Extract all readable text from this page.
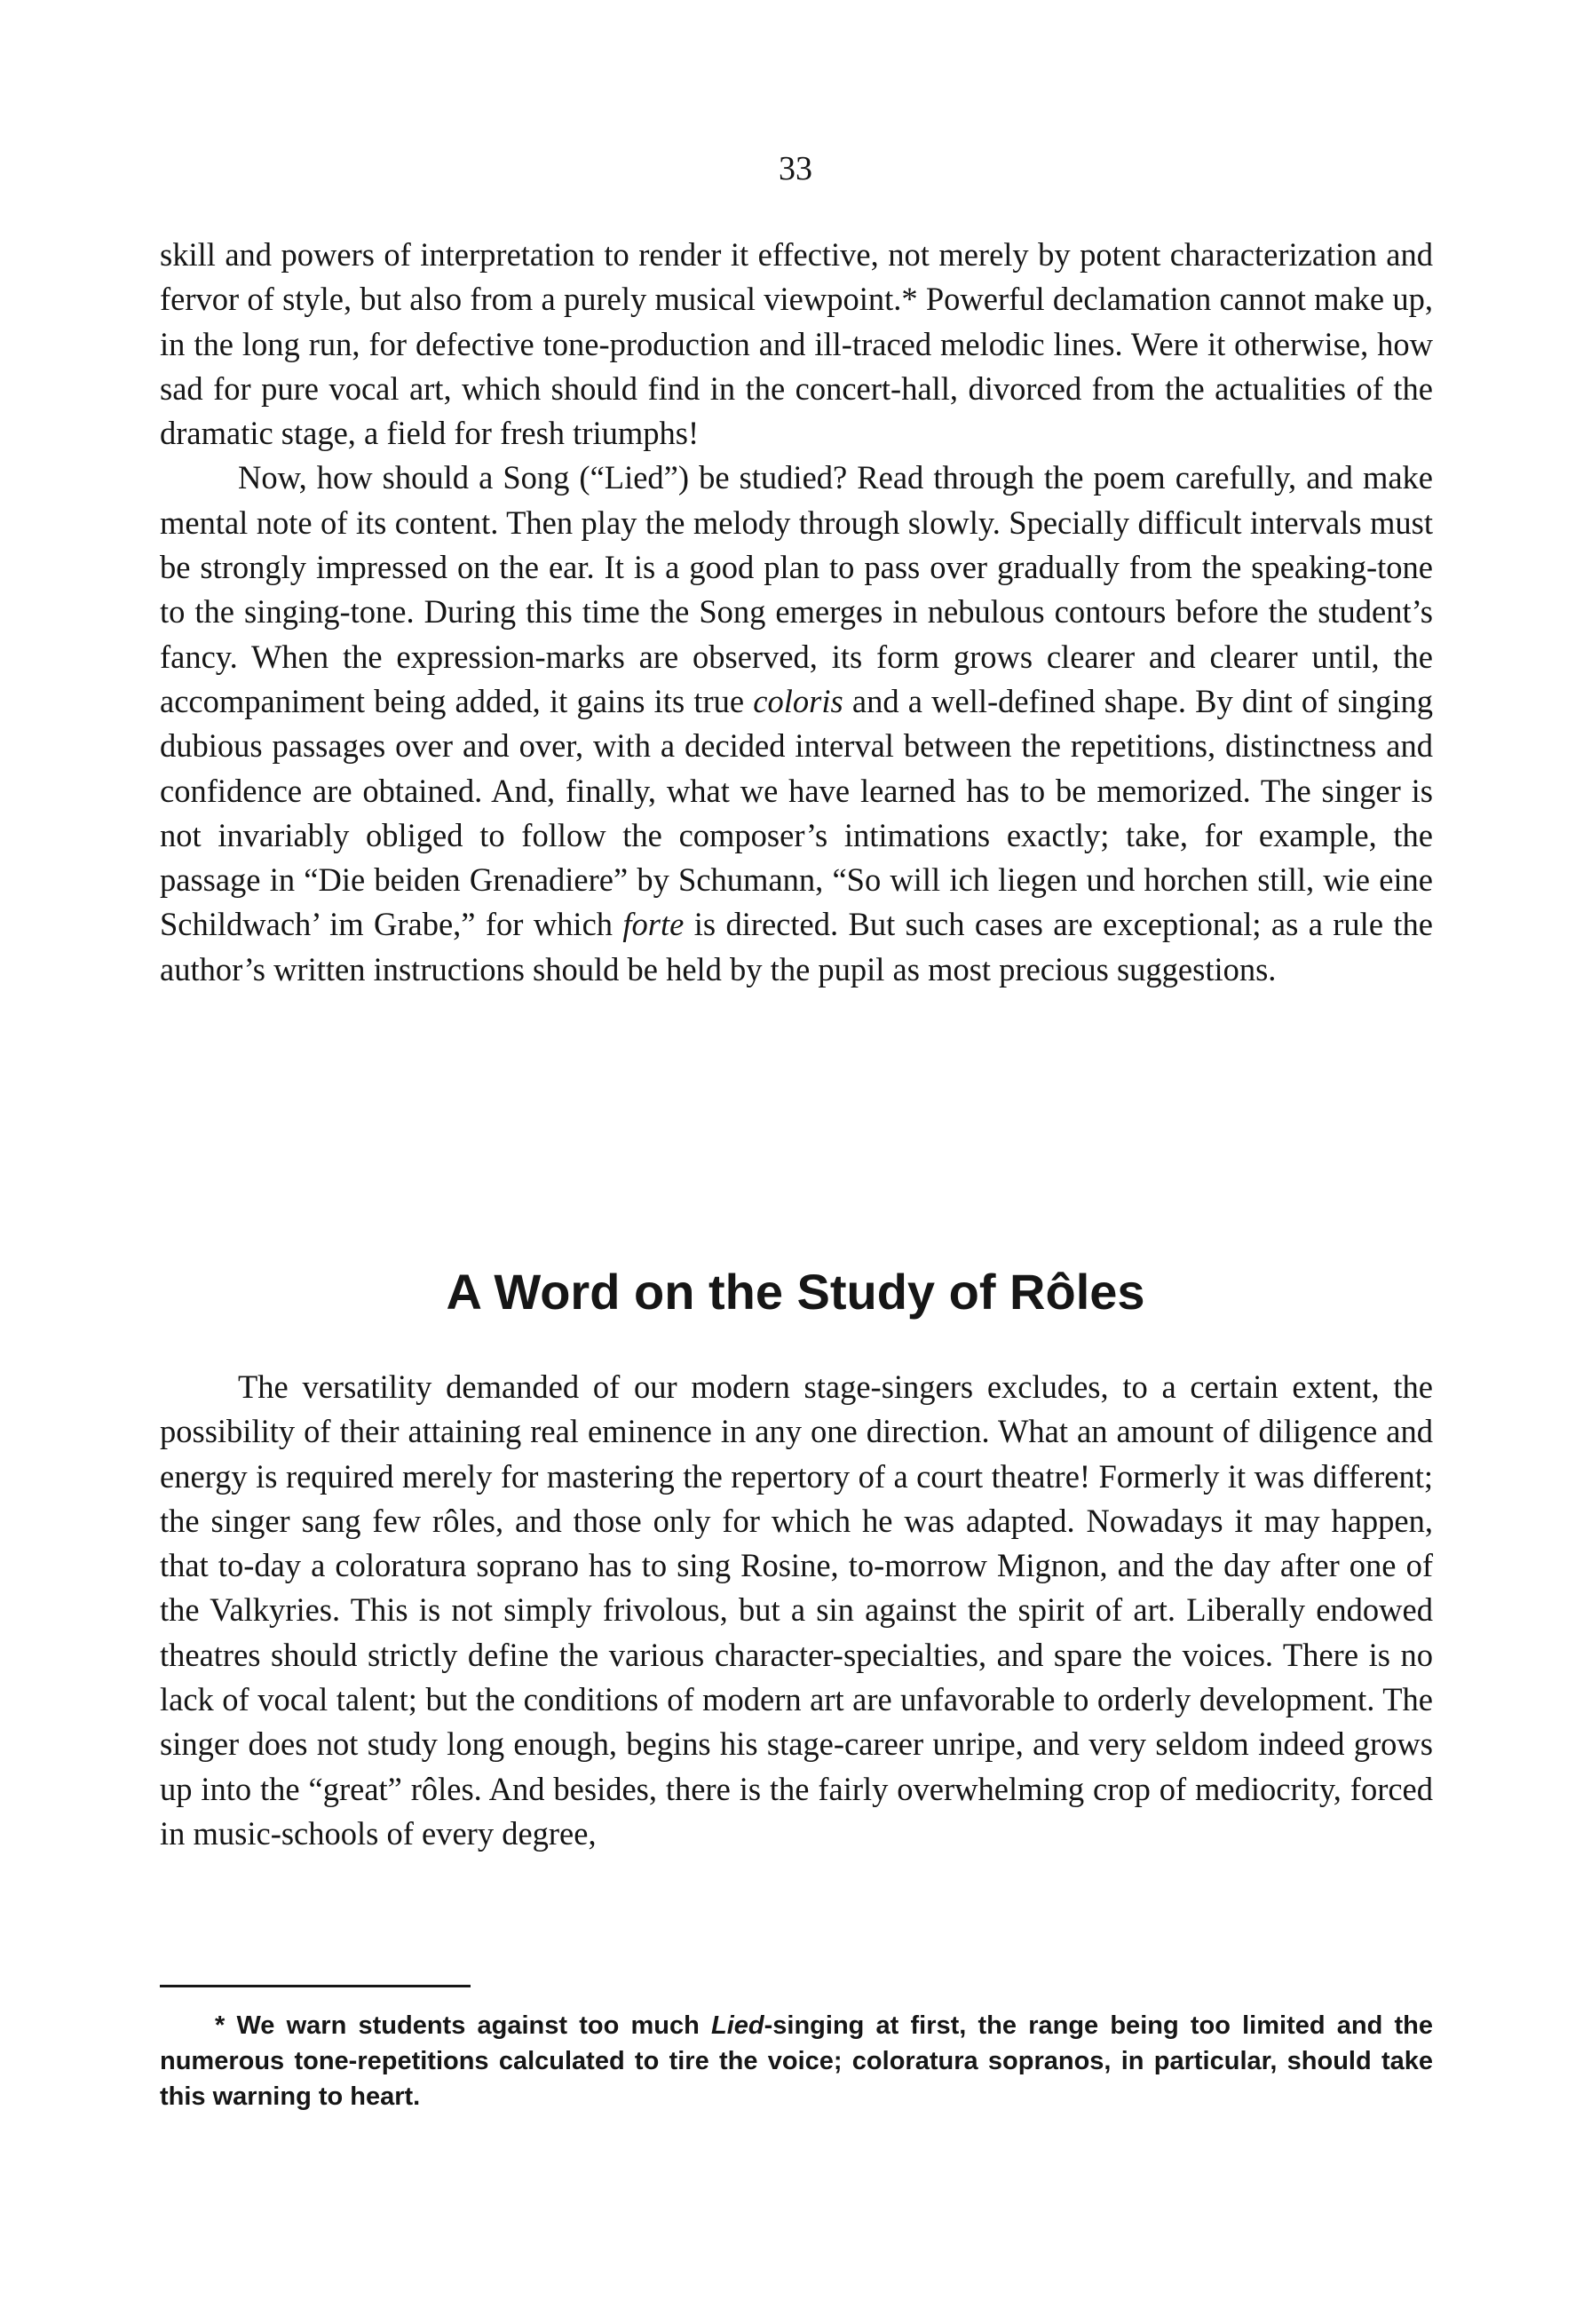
33

skill and powers of interpretation to render it effective, not merely by potent characterization and fervor of style, but also from a purely musical viewpoint.* Powerful declamation cannot make up, in the long run, for defective tone-production and ill-traced melodic lines. Were it otherwise, how sad for pure vocal art, which should find in the concert-hall, divorced from the actualities of the dramatic stage, a field for fresh triumphs!

Now, how should a Song (“Lied”) be studied? Read through the poem carefully, and make mental note of its content. Then play the melody through slowly. Specially difficult intervals must be strongly impressed on the ear. It is a good plan to pass over gradually from the speaking-tone to the singing-tone. During this time the Song emerges in nebulous contours before the student’s fancy. When the expression-marks are observed, its form grows clearer and clearer until, the accompaniment being added, it gains its true coloris and a well-defined shape. By dint of singing dubious passages over and over, with a decided interval between the repetitions, distinctness and confidence are obtained. And, finally, what we have learned has to be memorized. The singer is not invariably obliged to follow the composer’s intimations exactly; take, for example, the passage in “Die beiden Grenadiere” by Schumann, “So will ich liegen und horchen still, wie eine Schildwach’ im Grabe,” for which forte is directed. But such cases are exceptional; as a rule the author’s written instructions should be held by the pupil as most precious suggestions.

A Word on the Study of Rôles

The versatility demanded of our modern stage-singers excludes, to a certain extent, the possibility of their attaining real eminence in any one direction. What an amount of diligence and energy is required merely for mastering the repertory of a court theatre! Formerly it was different; the singer sang few rôles, and those only for which he was adapted. Nowadays it may happen, that to-day a coloratura soprano has to sing Rosine, to-morrow Mignon, and the day after one of the Valkyries. This is not simply frivolous, but a sin against the spirit of art. Liberally endowed theatres should strictly define the various character-specialties, and spare the voices. There is no lack of vocal talent; but the conditions of modern art are unfavorable to orderly development. The singer does not study long enough, begins his stage-career unripe, and very seldom indeed grows up into the “great” rôles. And besides, there is the fairly overwhelming crop of mediocrity, forced in music-schools of every degree,

* We warn students against too much Lied-singing at first, the range being too limited and the numerous tone-repetitions calculated to tire the voice; coloratura sopranos, in particular, should take this warning to heart.
